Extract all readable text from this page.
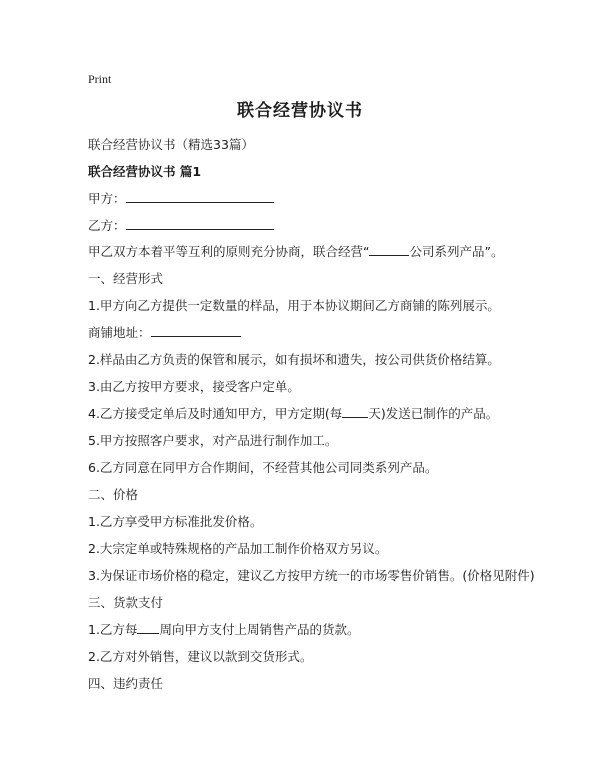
Print
联合经营协议书
联合经营协议书（精选33篇）
联合经营协议书 篇1
甲方：
乙方：
甲乙双方本着平等互利的原则充分协商，联合经营“	公司系列产品”。
一、经营形式
1.甲方向乙方提供一定数量的样品，用于本协议期间乙方商铺的陈列展示。
商铺地址：
2.样品由乙方负责的保管和展示，如有损坏和遗失，按公司供货价格结算。
3.由乙方按甲方要求，接受客户定单。
4.乙方接受定单后及时通知甲方，甲方定期(每 天)发送已制作的产品。
5.甲方按照客户要求，对产品进行制作加工。
6.乙方同意在同甲方合作期间，不经营其他公司同类系列产品。
二、价格
1.乙方享受甲方标准批发价格。
2.大宗定单或特殊规格的产品加工制作价格双方另议。
3.为保证市场价格的稳定，建议乙方按甲方统一的市场零售价销售。(价格见附件)
三、货款支付
1.乙方每 周向甲方支付上周销售产品的货款。
2.乙方对外销售，建议以款到交货形式。
四、违约责任
